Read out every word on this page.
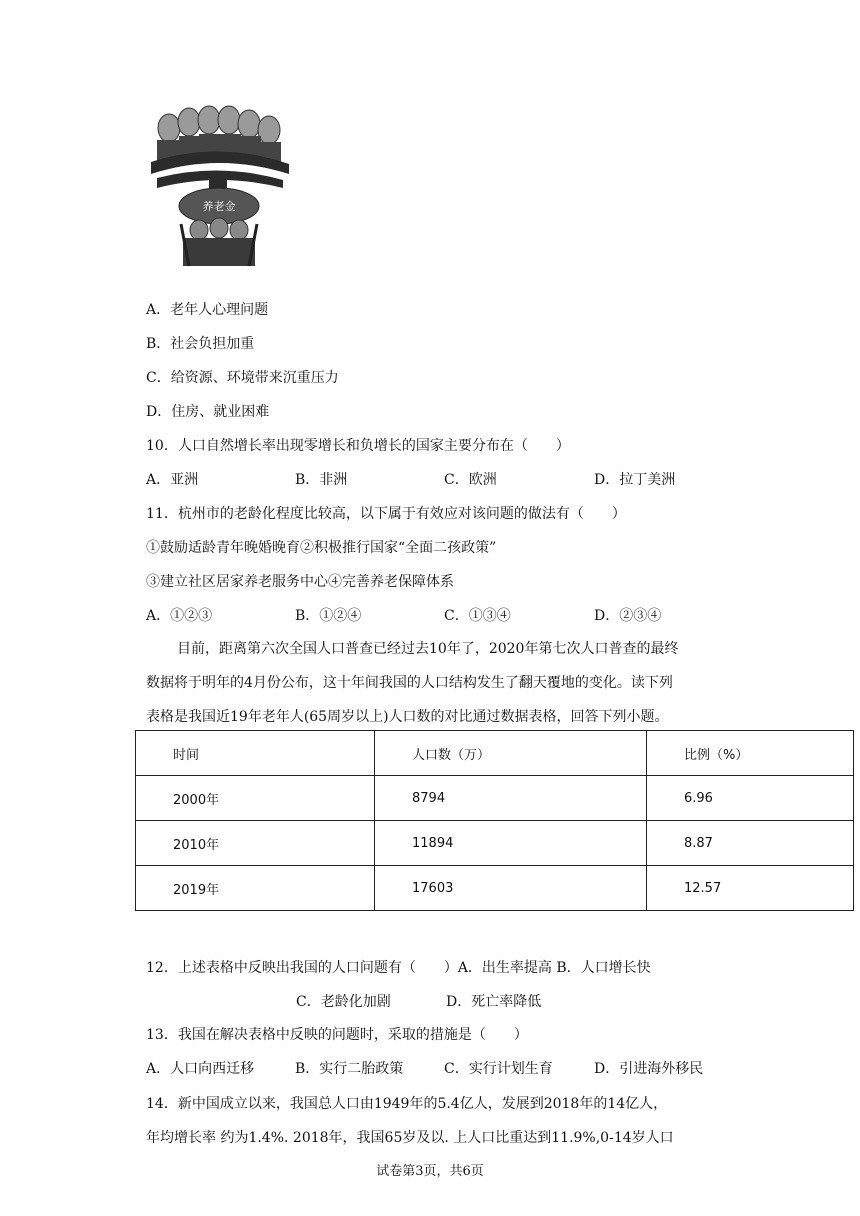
养老金
A．老年人心理问题
B．社会负担加重
C．给资源、环境带来沉重压力
D．住房、就业困难
10．人口自然增长率出现零增长和负增长的国家主要分布在（　　）
A．亚洲	B．非洲	C．欧洲	D．拉丁美洲
11．杭州市的老龄化程度比较高，以下属于有效应对该问题的做法有（　　）
①鼓励适龄青年晚婚晚育②积极推行国家“全面二孩政策”
③建立社区居家养老服务中心④完善养老保障体系
A．①②③	B．①②④	C．①③④	D．②③④
目前，距离第六次全国人口普查已经过去10年了，2020年第七次人口普查的最终
数据将于明年的4月份公布，这十年间我国的人口结构发生了翻天覆地的变化。读下列
表格是我国近19年老年人(65周岁以上)人口数的对比通过数据表格，回答下列小题。
时间	人口数（万）	比例（%）
2000年	8794	6.96
2010年	11894	8.87
2019年	17603	12.57
12．上述表格中反映出我国的人口问题有（　　）A．出生率提高 B．人口增长快
C．老龄化加剧	D．死亡率降低
13．我国在解决表格中反映的问题时，采取的措施是（　　）
A．人口向西迁移	B．实行二胎政策	C．实行计划生育	D．引进海外移民
14．新中国成立以来，我国总人口由1949年的5.4亿人，发展到2018年的14亿人，
年均增长率 约为1.4%. 2018年，我国65岁及以. 上人口比重达到11.9%,0-14岁人口
试卷第3页，共6页
